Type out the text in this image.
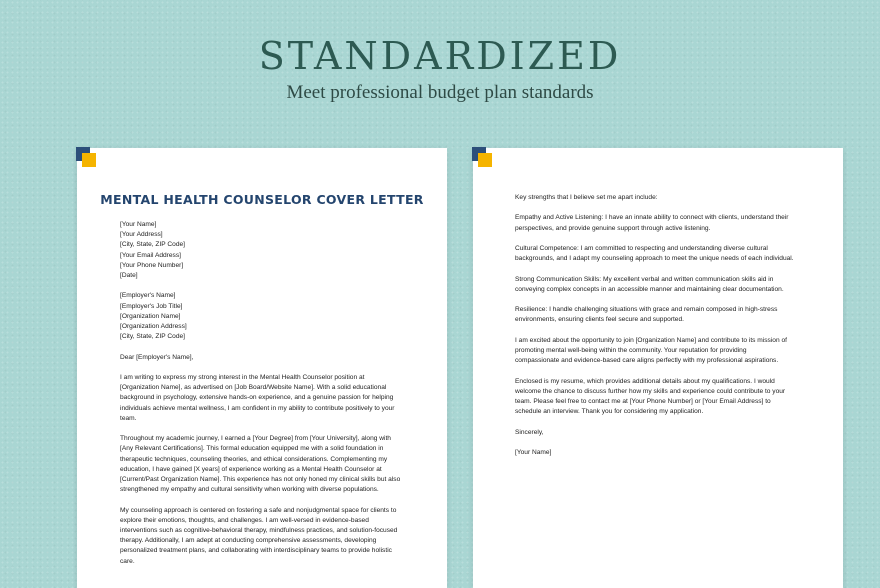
STANDARDIZED
Meet professional budget plan standards
MENTAL HEALTH COUNSELOR COVER LETTER
[Your Name]
[Your Address]
[City, State, ZIP Code]
[Your Email Address]
[Your Phone Number]
[Date]
[Employer's Name]
[Employer's Job Title]
[Organization Name]
[Organization Address]
[City, State, ZIP Code]
Dear [Employer's Name],
I am writing to express my strong interest in the Mental Health Counselor position at
[Organization Name], as advertised on [Job Board/Website Name]. With a solid educational
background in psychology, extensive hands-on experience, and a genuine passion for helping
individuals achieve mental wellness, I am confident in my ability to contribute positively to your
team.
Throughout my academic journey, I earned a [Your Degree] from [Your University], along with
[Any Relevant Certifications]. This formal education equipped me with a solid foundation in
therapeutic techniques, counseling theories, and ethical considerations. Complementing my
education, I have gained [X years] of experience working as a Mental Health Counselor at
[Current/Past Organization Name]. This experience has not only honed my clinical skills but also
strengthened my empathy and cultural sensitivity when working with diverse populations.
My counseling approach is centered on fostering a safe and nonjudgmental space for clients to
explore their emotions, thoughts, and challenges. I am well-versed in evidence-based
interventions such as cognitive-behavioral therapy, mindfulness practices, and solution-focused
therapy. Additionally, I am adept at conducting comprehensive assessments, developing
personalized treatment plans, and collaborating with interdisciplinary teams to provide holistic
care.
Key strengths that I believe set me apart include:
Empathy and Active Listening: I have an innate ability to connect with clients, understand their
perspectives, and provide genuine support through active listening.
Cultural Competence: I am committed to respecting and understanding diverse cultural
backgrounds, and I adapt my counseling approach to meet the unique needs of each individual.
Strong Communication Skills: My excellent verbal and written communication skills aid in
conveying complex concepts in an accessible manner and maintaining clear documentation.
Resilience: I handle challenging situations with grace and remain composed in high-stress
environments, ensuring clients feel secure and supported.
I am excited about the opportunity to join [Organization Name] and contribute to its mission of
promoting mental well-being within the community. Your reputation for providing
compassionate and evidence-based care aligns perfectly with my professional aspirations.
Enclosed is my resume, which provides additional details about my qualifications. I would
welcome the chance to discuss further how my skills and experience could contribute to your
team. Please feel free to contact me at [Your Phone Number] or [Your Email Address] to
schedule an interview. Thank you for considering my application.
Sincerely,
[Your Name]
